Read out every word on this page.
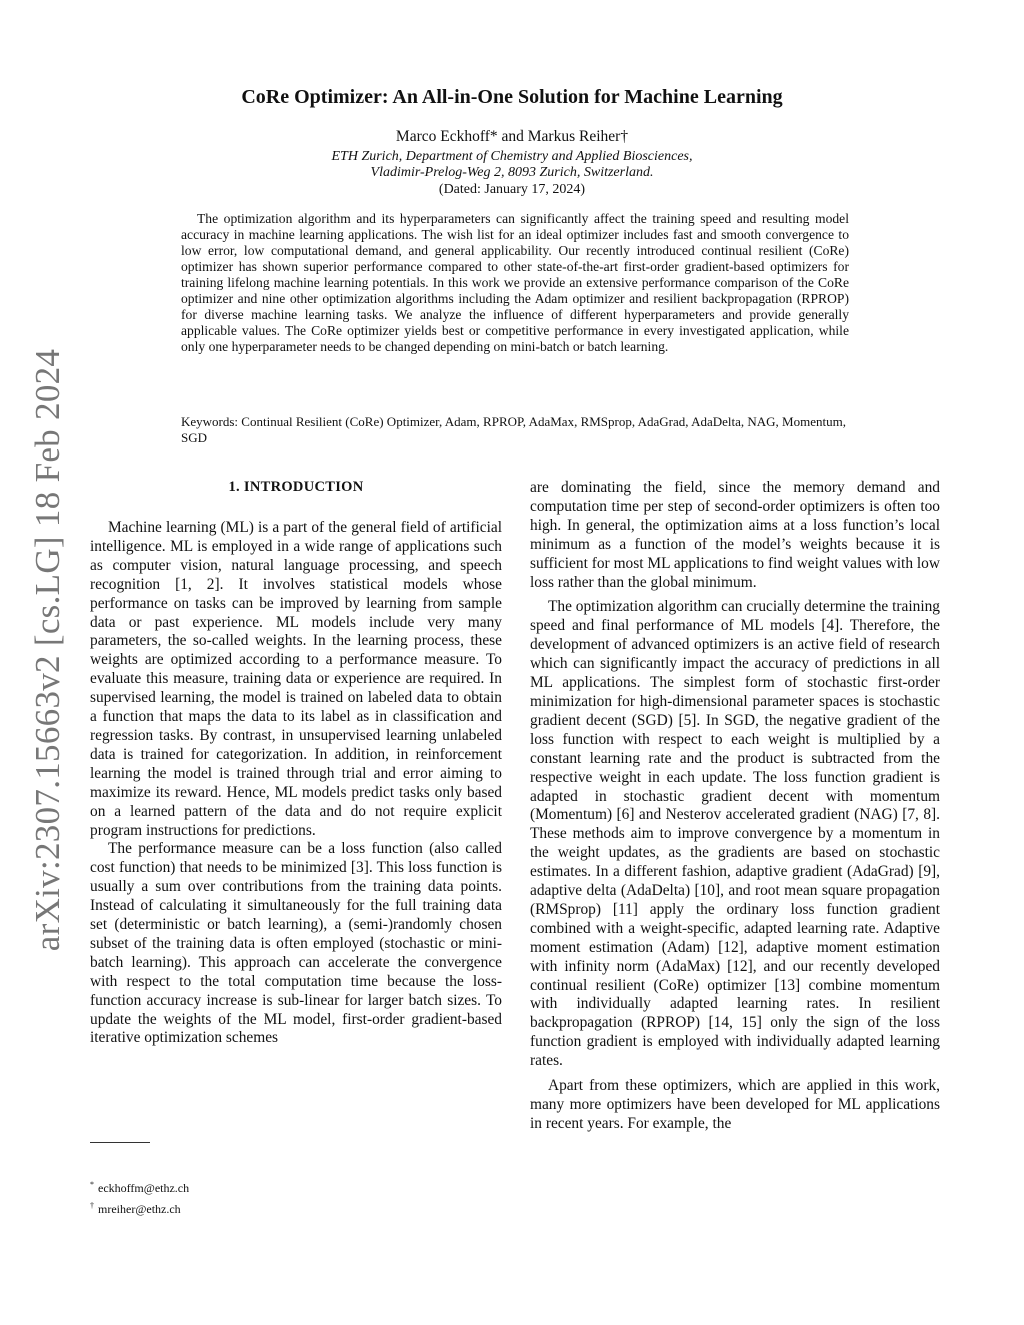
arXiv:2307.15663v2 [cs.LG] 18 Feb 2024
CoRe Optimizer: An All-in-One Solution for Machine Learning
Marco Eckhoff* and Markus Reiher†
ETH Zurich, Department of Chemistry and Applied Biosciences,
Vladimir-Prelog-Weg 2, 8093 Zurich, Switzerland.
(Dated: January 17, 2024)

The optimization algorithm and its hyperparameters can significantly affect the training speed and resulting model accuracy in machine learning applications. The wish list for an ideal optimizer includes fast and smooth convergence to low error, low computational demand, and general applicability. Our recently introduced continual resilient (CoRe) optimizer has shown superior performance compared to other state-of-the-art first-order gradient-based optimizers for training lifelong machine learning potentials. In this work we provide an extensive performance comparison of the CoRe optimizer and nine other optimization algorithms including the Adam optimizer and resilient backpropagation (RPROP) for diverse machine learning tasks. We analyze the influence of different hyperparameters and provide generally applicable values. The CoRe optimizer yields best or competitive performance in every investigated application, while only one hyperparameter needs to be changed depending on mini-batch or batch learning.

Keywords: Continual Resilient (CoRe) Optimizer, Adam, RPROP, AdaMax, RMSprop, AdaGrad, AdaDelta, NAG, Momentum, SGD

1. INTRODUCTION

Machine learning (ML) is a part of the general field of artificial intelligence. ML is employed in a wide range of applications such as computer vision, natural language processing, and speech recognition [1, 2]. It involves statistical models whose performance on tasks can be improved by learning from sample data or past experience. ML models include very many parameters, the so-called weights. In the learning process, these weights are optimized according to a performance measure. To evaluate this measure, training data or experience are required. In supervised learning, the model is trained on labeled data to obtain a function that maps the data to its label as in classification and regression tasks. By contrast, in unsupervised learning unlabeled data is trained for categorization. In addition, in reinforcement learning the model is trained through trial and error aiming to maximize its reward. Hence, ML models predict tasks only based on a learned pattern of the data and do not require explicit program instructions for predictions.

The performance measure can be a loss function (also called cost function) that needs to be minimized [3]. This loss function is usually a sum over contributions from the training data points. Instead of calculating it simultaneously for the full training data set (deterministic or batch learning), a (semi-)randomly chosen subset of the training data is often employed (stochastic or mini-batch learning). This approach can accelerate the convergence with respect to the total computation time because the loss-function accuracy increase is sub-linear for larger batch sizes. To update the weights of the ML model, first-order gradient-based iterative optimization schemes

are dominating the field, since the memory demand and computation time per step of second-order optimizers is often too high. In general, the optimization aims at a loss function’s local minimum as a function of the model’s weights because it is sufficient for most ML applications to find weight values with low loss rather than the global minimum.

The optimization algorithm can crucially determine the training speed and final performance of ML models [4]. Therefore, the development of advanced optimizers is an active field of research which can significantly impact the accuracy of predictions in all ML applications. The simplest form of stochastic first-order minimization for high-dimensional parameter spaces is stochastic gradient decent (SGD) [5]. In SGD, the negative gradient of the loss function with respect to each weight is multiplied by a constant learning rate and the product is subtracted from the respective weight in each update. The loss function gradient is adapted in stochastic gradient decent with momentum (Momentum) [6] and Nesterov accelerated gradient (NAG) [7, 8]. These methods aim to improve convergence by a momentum in the weight updates, as the gradients are based on stochastic estimates. In a different fashion, adaptive gradient (AdaGrad) [9], adaptive delta (AdaDelta) [10], and root mean square propagation (RMSprop) [11] apply the ordinary loss function gradient combined with a weight-specific, adapted learning rate. Adaptive moment estimation (Adam) [12], adaptive moment estimation with infinity norm (AdaMax) [12], and our recently developed continual resilient (CoRe) optimizer [13] combine momentum with individually adapted learning rates. In resilient backpropagation (RPROP) [14, 15] only the sign of the loss function gradient is employed with individually adapted learning rates.

Apart from these optimizers, which are applied in this work, many more optimizers have been developed for ML applications in recent years. For example, the

* eckhoffm@ethz.ch
† mreiher@ethz.ch
